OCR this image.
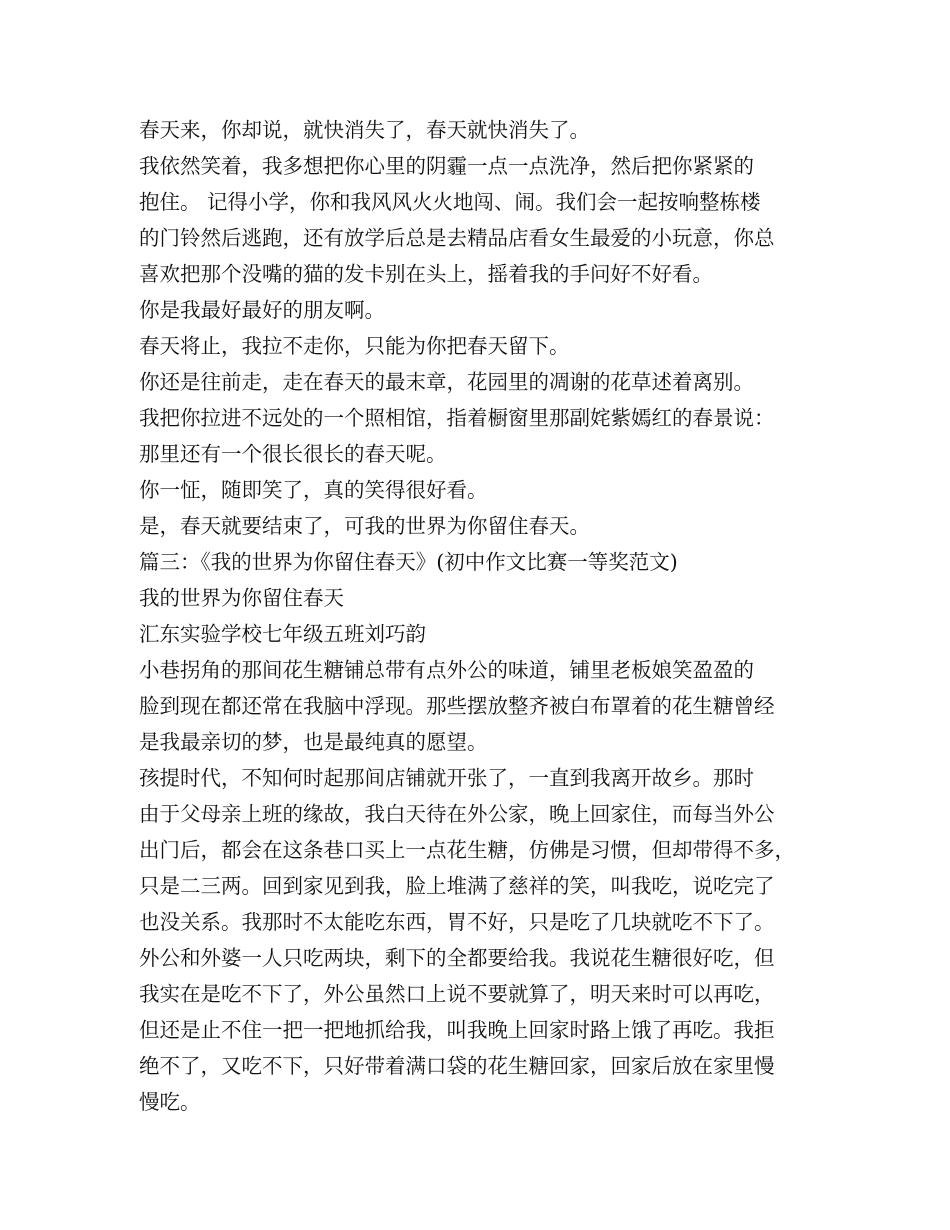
春天来，你却说，就快消失了，春天就快消失了。
我依然笑着，我多想把你心里的阴霾一点一点洗净，然后把你紧紧的
抱住。 记得小学，你和我风风火火地闯、闹。我们会一起按响整栋楼
的门铃然后逃跑，还有放学后总是去精品店看女生最爱的小玩意，你总
喜欢把那个没嘴的猫的发卡别在头上，摇着我的手问好不好看。
你是我最好最好的朋友啊。
春天将止，我拉不走你，只能为你把春天留下。
你还是往前走，走在春天的最末章，花园里的凋谢的花草述着离别。
我把你拉进不远处的一个照相馆，指着橱窗里那副姹紫嫣红的春景说：
那里还有一个很长很长的春天呢。
你一怔，随即笑了，真的笑得很好看。
是，春天就要结束了，可我的世界为你留住春天。
篇三：《我的世界为你留住春天》(初中作文比赛一等奖范文)
我的世界为你留住春天
汇东实验学校七年级五班刘巧韵
小巷拐角的那间花生糖铺总带有点外公的味道，铺里老板娘笑盈盈的
脸到现在都还常在我脑中浮现。那些摆放整齐被白布罩着的花生糖曾经
是我最亲切的梦，也是最纯真的愿望。
孩提时代，不知何时起那间店铺就开张了，一直到我离开故乡。那时
由于父母亲上班的缘故，我白天待在外公家，晚上回家住，而每当外公
出门后，都会在这条巷口买上一点花生糖，仿佛是习惯，但却带得不多，
只是二三两。回到家见到我，脸上堆满了慈祥的笑，叫我吃，说吃完了
也没关系。我那时不太能吃东西，胃不好，只是吃了几块就吃不下了。
外公和外婆一人只吃两块，剩下的全都要给我。我说花生糖很好吃，但
我实在是吃不下了，外公虽然口上说不要就算了，明天来时可以再吃，
但还是止不住一把一把地抓给我，叫我晚上回家时路上饿了再吃。我拒
绝不了，又吃不下，只好带着满口袋的花生糖回家，回家后放在家里慢
慢吃。
